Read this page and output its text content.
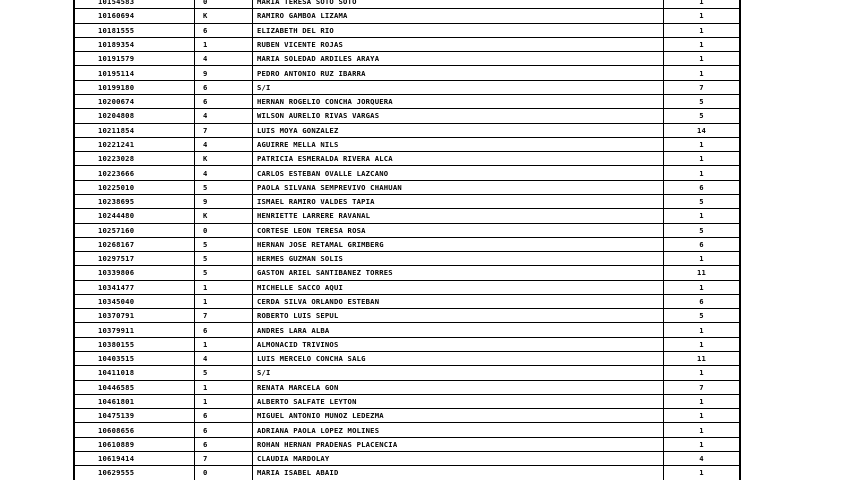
10154583	0	MARIA TERESA SOTO SOTO	1
10160694	K	RAMIRO GAMBOA LIZAMA	1
10181555	6	ELIZABETH DEL RIO	1
10189354	1	RUBEN VICENTE ROJAS	1
10191579	4	MARIA SOLEDAD ARDILES ARAYA	1
10195114	9	PEDRO ANTONIO RUZ IBARRA	1
10199180	6	S/I	7
10200674	6	HERNAN ROGELIO CONCHA JORQUERA	5
10204808	4	WILSON AURELIO RIVAS VARGAS	5
10211854	7	LUIS MOYA GONZALEZ	14
10221241	4	AGUIRRE MELLA NILS	1
10223028	K	PATRICIA ESMERALDA RIVERA ALCA	1
10223666	4	CARLOS ESTEBAN OVALLE LAZCANO	1
10225010	5	PAOLA SILVANA SEMPREVIVO CHAHUAN	6
10238695	9	ISMAEL RAMIRO VALDES TAPIA	5
10244480	K	HENRIETTE LARRERE RAVANAL	1
10257160	0	CORTESE LEON TERESA ROSA	5
10268167	5	HERNAN JOSE RETAMAL GRIMBERG	6
10297517	5	HERMES GUZMAN SOLIS	1
10339806	5	GASTON ARIEL SANTIBANEZ TORRES	11
10341477	1	MICHELLE SACCO AQUI	1
10345040	1	CERDA SILVA ORLANDO ESTEBAN	6
10370791	7	ROBERTO LUIS SEPUL	5
10379911	6	ANDRES LARA ALBA	1
10380155	1	ALMONACID TRIVINOS	1
10403515	4	LUIS MERCELO CONCHA SALG	11
10411018	5	S/I	1
10446585	1	RENATA MARCELA GON	7
10461801	1	ALBERTO SALFATE LEYTON	1
10475139	6	MIGUEL ANTONIO MUNOZ LEDEZMA	1
10608656	6	ADRIANA PAOLA LOPEZ MOLINES	1
10610889	6	ROHAN HERNAN PRADENAS PLACENCIA	1
10619414	7	CLAUDIA MARDOLAY	4
10629555	0	MARIA ISABEL ABAID	1
